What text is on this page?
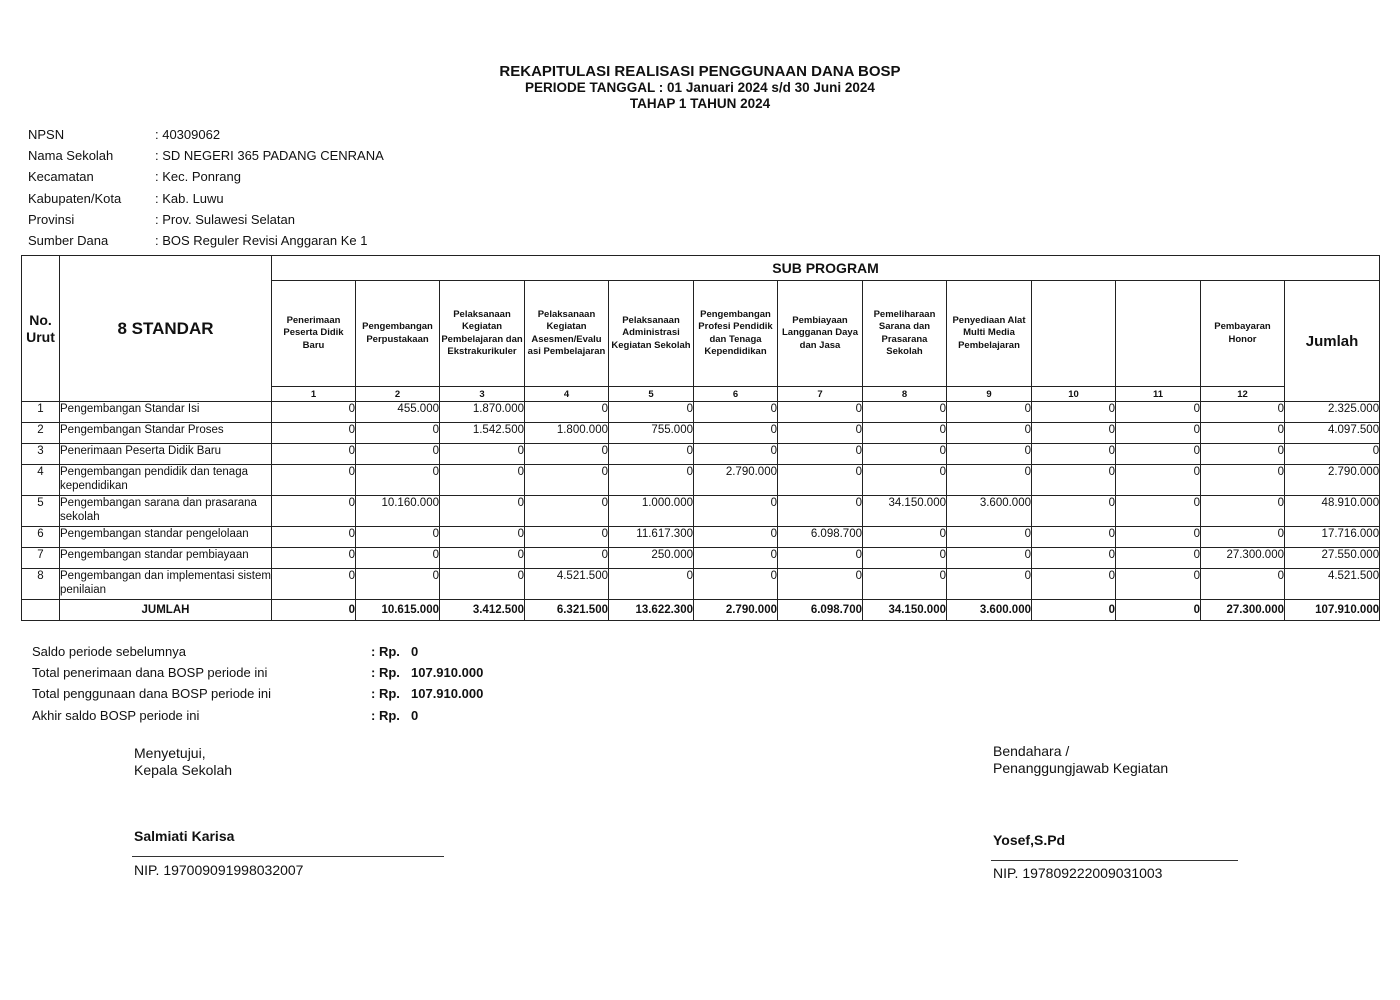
REKAPITULASI REALISASI PENGGUNAAN DANA BOSP
PERIODE TANGGAL : 01 Januari 2024 s/d 30 Juni 2024
TAHAP 1 TAHUN 2024
NPSN	: 40309062
Nama Sekolah	: SD NEGERI 365 PADANG CENRANA
Kecamatan	: Kec. Ponrang
Kabupaten/Kota	: Kab. Luwu
Provinsi	: Prov. Sulawesi Selatan
Sumber Dana	: BOS Reguler Revisi Anggaran Ke 1
No. Urut	8 STANDAR	SUB PROGRAM												
		Penerimaan Peserta Didik Baru	Pengembangan Perpustakaan	Pelaksanaan Kegiatan Pembelajaran dan Ekstrakurikuler	Pelaksanaan Kegiatan Asesmen/Evalu asi Pembelajaran	Pelaksanaan Administrasi Kegiatan Sekolah	Pengembangan Profesi Pendidik dan Tenaga Kependidikan	Pembiayaan Langganan Daya dan Jasa	Pemeliharaan Sarana dan Prasarana Sekolah	Penyediaan Alat Multi Media Pembelajaran			Pembayaran Honor	Jumlah
		1	2	3	4	5	6	7	8	9	10	11	12	
1	Pengembangan Standar Isi	0	455.000	1.870.000	0	0	0	0	0	0	0	0	0	2.325.000
2	Pengembangan Standar Proses	0	0	1.542.500	1.800.000	755.000	0	0	0	0	0	0	0	4.097.500
3	Penerimaan Peserta Didik Baru	0	0	0	0	0	0	0	0	0	0	0	0	0
4	Pengembangan pendidik dan tenaga kependidikan	0	0	0	0	0	2.790.000	0	0	0	0	0	0	2.790.000
5	Pengembangan sarana dan prasarana sekolah	0	10.160.000	0	0	1.000.000	0	0	34.150.000	3.600.000	0	0	0	48.910.000
6	Pengembangan standar pengelolaan	0	0	0	0	11.617.300	0	6.098.700	0	0	0	0	0	17.716.000
7	Pengembangan standar pembiayaan	0	0	0	0	250.000	0	0	0	0	0	0	27.300.000	27.550.000
8	Pengembangan dan implementasi sistem penilaian	0	0	0	4.521.500	0	0	0	0	0	0	0	0	4.521.500
	JUMLAH	0	10.615.000	3.412.500	6.321.500	13.622.300	2.790.000	6.098.700	34.150.000	3.600.000	0	0	27.300.000	107.910.000
Saldo periode sebelumnya	: Rp. 0
Total penerimaan dana BOSP periode ini	: Rp. 107.910.000
Total penggunaan dana BOSP periode ini	: Rp. 107.910.000
Akhir saldo BOSP periode ini	: Rp. 0
Menyetujui,
Kepala Sekolah
Salmiati Karisa
NIP. 197009091998032007
Bendahara /
Penanggungjawab Kegiatan
Yosef,S.Pd
NIP. 197809222009031003
